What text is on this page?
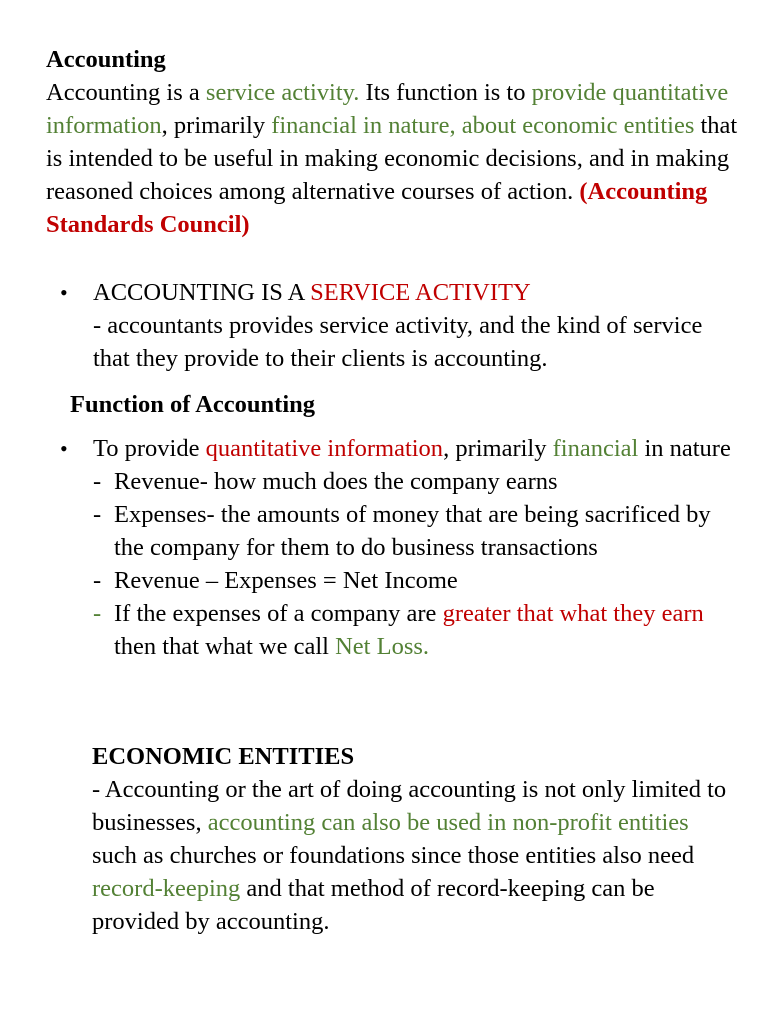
Accounting
Accounting is a service activity. Its function is to provide quantitative information, primarily financial in nature, about economic entities that is intended to be useful in making economic decisions, and in making reasoned choices among alternative courses of action. (Accounting Standards Council)
•	ACCOUNTING IS A SERVICE ACTIVITY
- accountants provides service activity, and the kind of service that they provide to their clients is accounting.
Function of Accounting
•	To provide quantitative information, primarily financial in nature
- Revenue- how much does the company earns
- Expenses- the amounts of money that are being sacrificed by the company for them to do business transactions
- Revenue – Expenses = Net Income
- If the expenses of a company are greater that what they earn then that what we call Net Loss.
ECONOMIC ENTITIES
- Accounting or the art of doing accounting is not only limited to businesses, accounting can also be used in non-profit entities such as churches or foundations since those entities also need record-keeping and that method of record-keeping can be provided by accounting.
